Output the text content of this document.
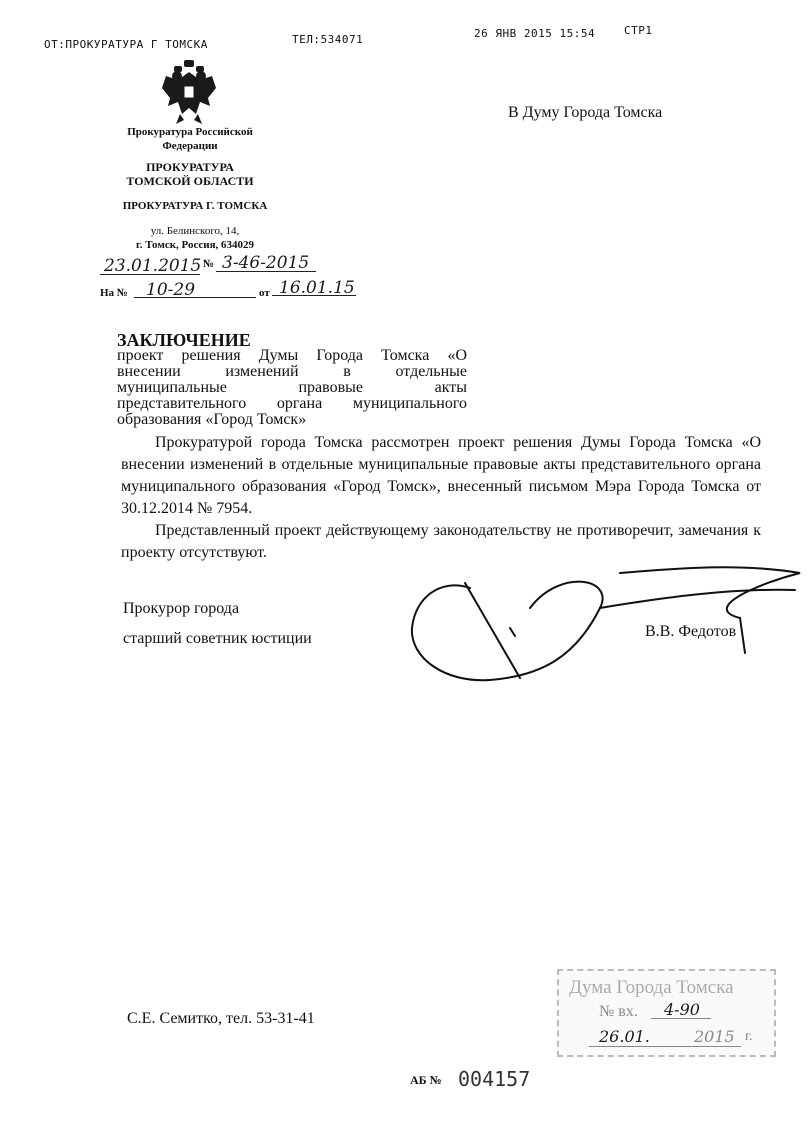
ОТ:ПРОКУРАТУРА Г ТОМСКА	ТЕЛ:534071	26 ЯНВ 2015 15:54	СТР1
Прокуратура Российской
Федерации
ПРОКУРАТУРА
ТОМСКОЙ ОБЛАСТИ
ПРОКУРАТУРА Г. ТОМСКА
ул. Белинского, 14,
г. Томск, Россия, 634029
23.01.2015 № 3-46-2015
На № 10-29	от 16.01.15
В Думу Города Томска
ЗАКЛЮЧЕНИЕ
проект решения Думы Города Томска «О
внесении изменений в отдельные
муниципальные правовые акты
представительного органа муниципального
образования «Город Томск»
Прокуратурой города Томска рассмотрен проект решения Думы Города Томска «О внесении изменений в отдельные муниципальные правовые акты представительного органа муниципального образования «Город Томск», внесенный письмом Мэра Города Томска от 30.12.2014 № 7954.
Представленный проект действующему законодательству не противоречит, замечания к проекту отсутствуют.
Прокурор города
старший советник юстиции	В.В. Федотов
С.Е. Семитко, тел. 53-31-41
Дума Города Томска
№ вх. 4-90
26.01.	2015 г.
АБ № 004157
